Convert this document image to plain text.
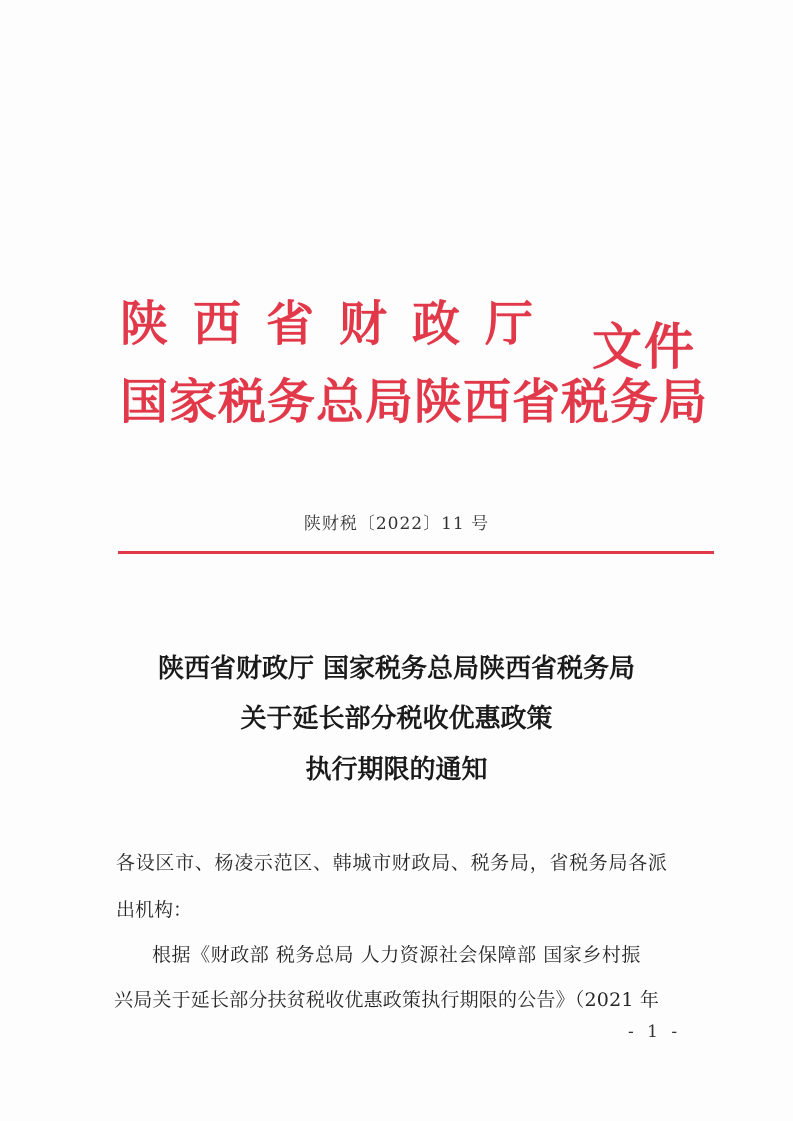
陕西省财政厅
国家税务总局陕西省税务局
文件
陕财税〔2022〕11 号
陕西省财政厅 国家税务总局陕西省税务局
关于延长部分税收优惠政策
执行期限的通知
各设区市、杨凌示范区、韩城市财政局、税务局，省税务局各派
出机构：
根据《财政部 税务总局 人力资源社会保障部 国家乡村振
兴局关于延长部分扶贫税收优惠政策执行期限的公告》（2021 年
- 1 -
